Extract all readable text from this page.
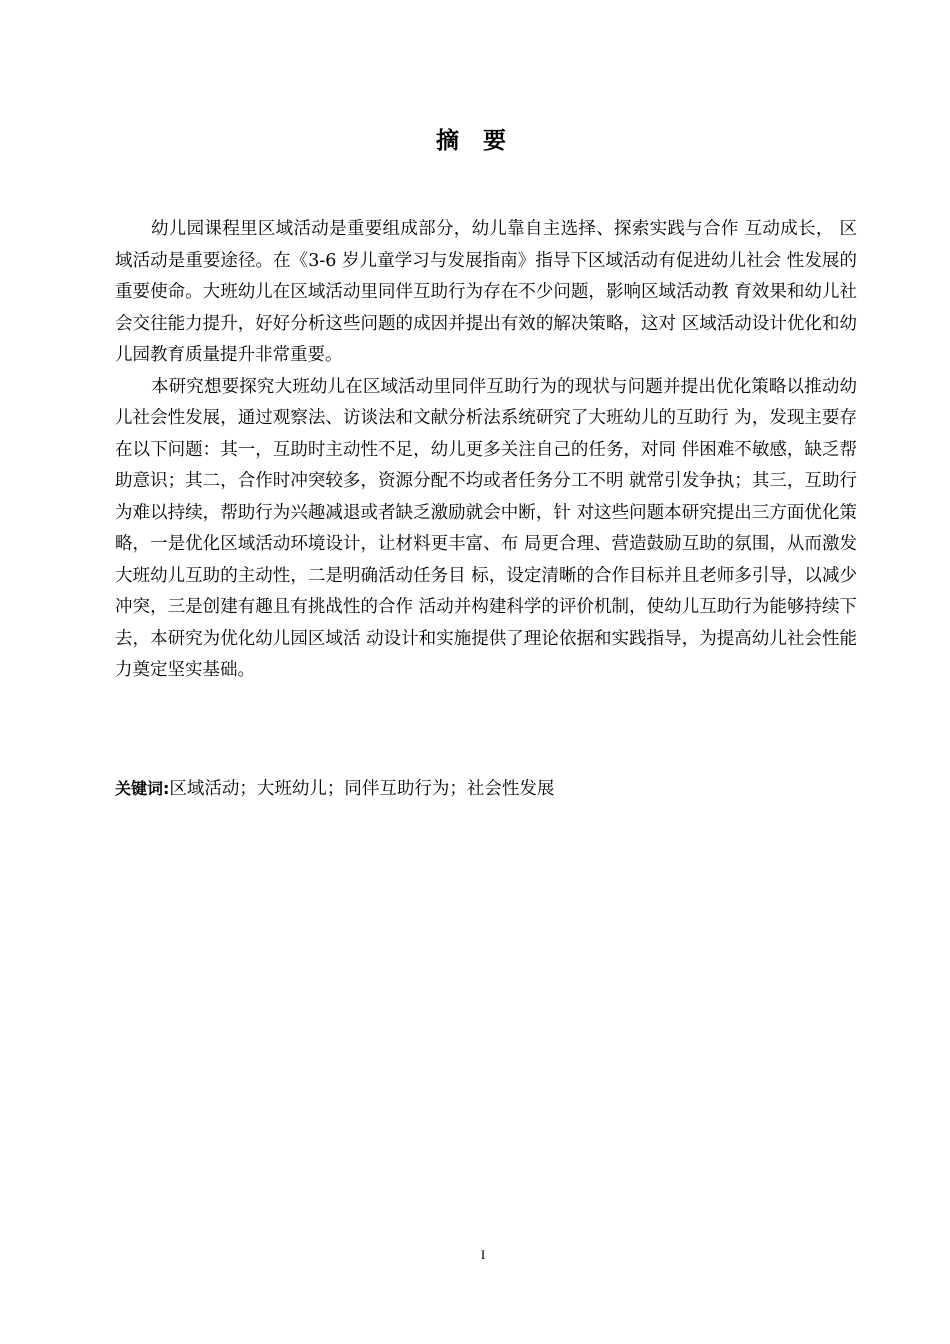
摘要

幼儿园课程里区域活动是重要组成部分，幼儿靠自主选择、探索实践与合作 互动成长， 区域活动是重要途径。在《3-6 岁儿童学习与发展指南》指导下区域活动有促进幼儿社会 性发展的重要使命。大班幼儿在区域活动里同伴互助行为存在不少问题，影响区域活动教 育效果和幼儿社会交往能力提升，好好分析这些问题的成因并提出有效的解决策略，这对 区域活动设计优化和幼儿园教育质量提升非常重要。

本研究想要探究大班幼儿在区域活动里同伴互助行为的现状与问题并提出优化策略以推动幼儿社会性发展，通过观察法、访谈法和文献分析法系统研究了大班幼儿的互助行 为，发现主要存在以下问题：其一，互助时主动性不足，幼儿更多关注自己的任务，对同 伴困难不敏感，缺乏帮助意识；其二，合作时冲突较多，资源分配不均或者任务分工不明 就常引发争执；其三，互助行为难以持续，帮助行为兴趣减退或者缺乏激励就会中断，针 对这些问题本研究提出三方面优化策略，一是优化区域活动环境设计，让材料更丰富、布 局更合理、营造鼓励互助的氛围，从而激发大班幼儿互助的主动性，二是明确活动任务目 标，设定清晰的合作目标并且老师多引导，以减少冲突，三是创建有趣且有挑战性的合作 活动并构建科学的评价机制，使幼儿互助行为能够持续下去，本研究为优化幼儿园区域活 动设计和实施提供了理论依据和实践指导，为提高幼儿社会性能力奠定坚实基础。

关键词:区域活动；大班幼儿；同伴互助行为；社会性发展
I
